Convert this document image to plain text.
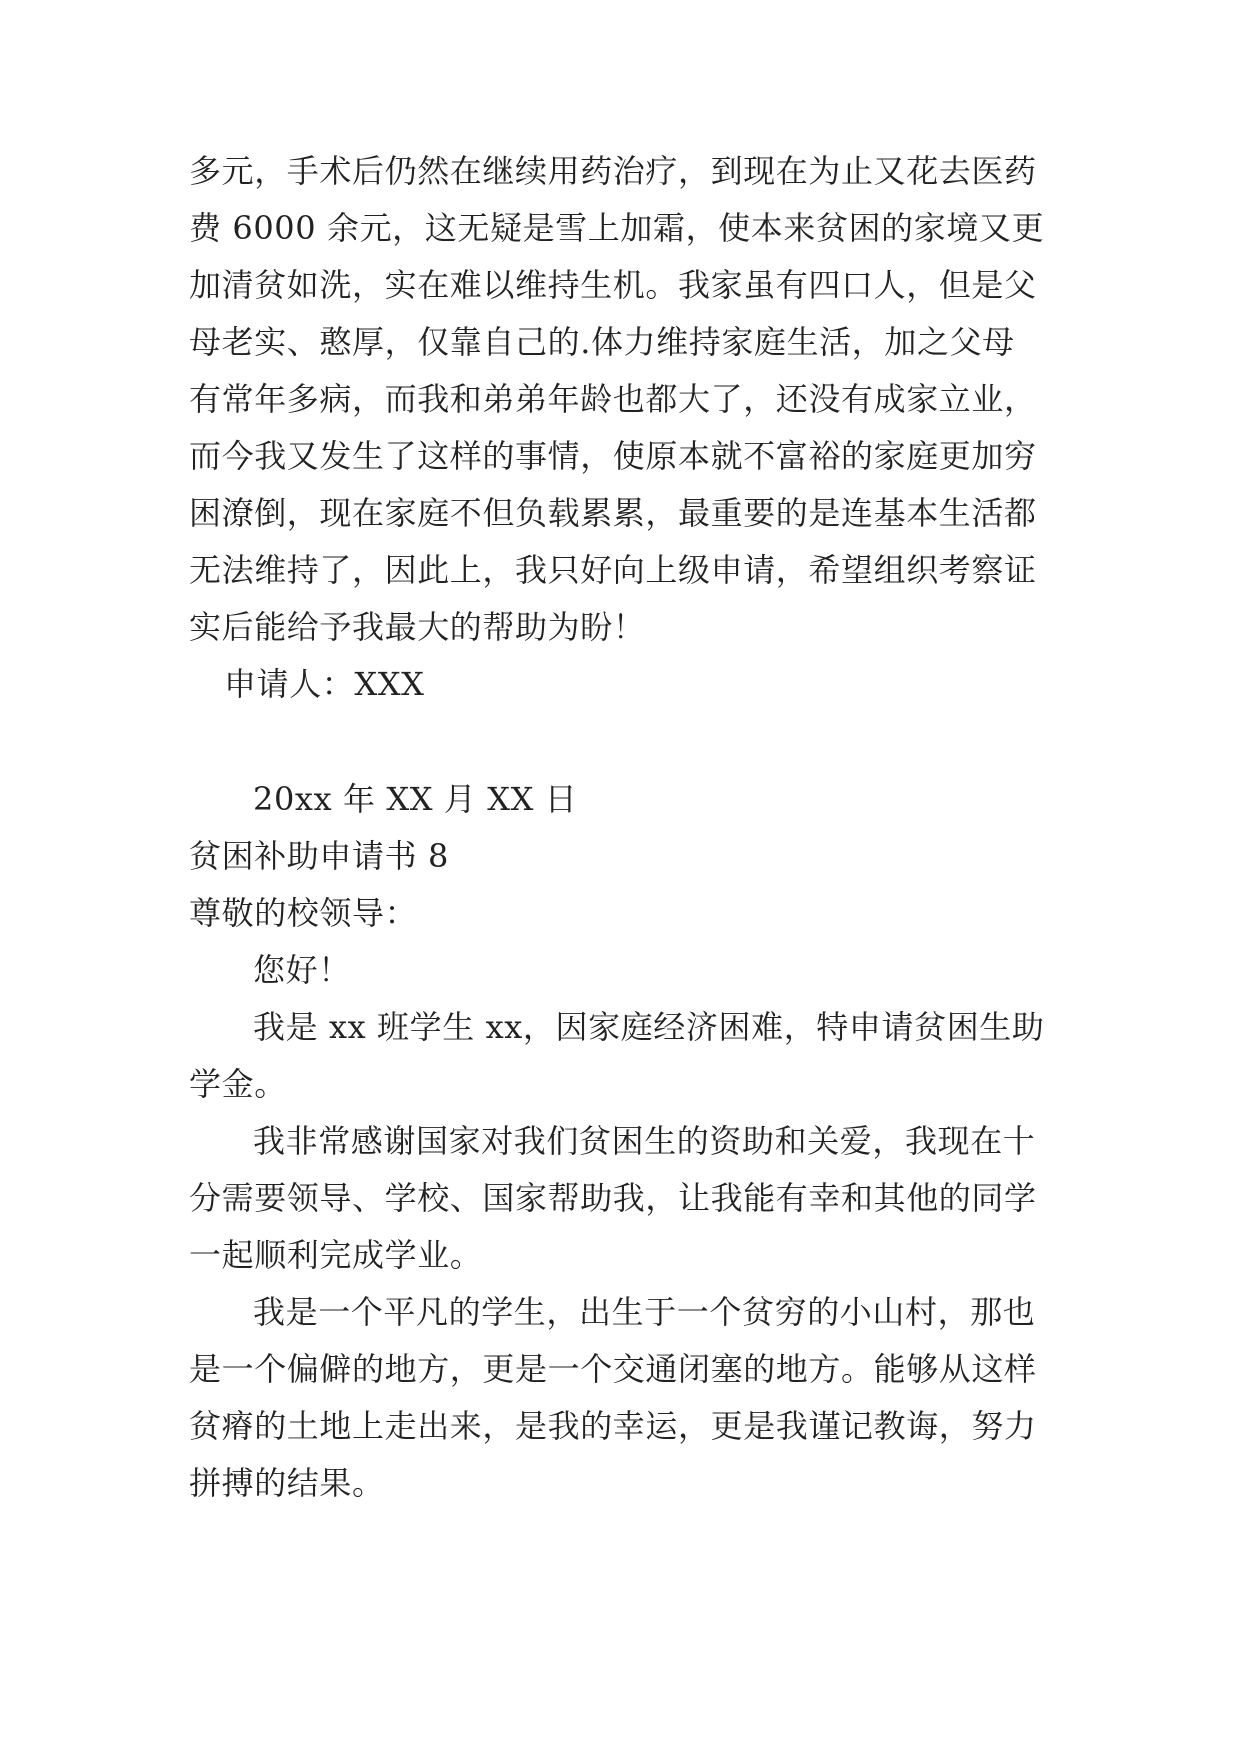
多元，手术后仍然在继续用药治疗，到现在为止又花去医药
费 6000 余元，这无疑是雪上加霜，使本来贫困的家境又更
加清贫如洗，实在难以维持生机。我家虽有四口人，但是父
母老实、憨厚，仅靠自己的.体力维持家庭生活，加之父母
有常年多病，而我和弟弟年龄也都大了，还没有成家立业，
而今我又发生了这样的事情，使原本就不富裕的家庭更加穷
困潦倒，现在家庭不但负载累累，最重要的是连基本生活都
无法维持了，因此上，我只好向上级申请，希望组织考察证
实后能给予我最大的帮助为盼！
申请人：XXX
20xx 年 XX 月 XX 日
贫困补助申请书 8
尊敬的校领导：
您好！
我是 xx 班学生 xx，因家庭经济困难，特申请贫困生助
学金。
我非常感谢国家对我们贫困生的资助和关爱，我现在十
分需要领导、学校、国家帮助我，让我能有幸和其他的同学
一起顺利完成学业。
我是一个平凡的学生，出生于一个贫穷的小山村，那也
是一个偏僻的地方，更是一个交通闭塞的地方。能够从这样
贫瘠的土地上走出来，是我的幸运，更是我谨记教诲，努力
拼搏的结果。
